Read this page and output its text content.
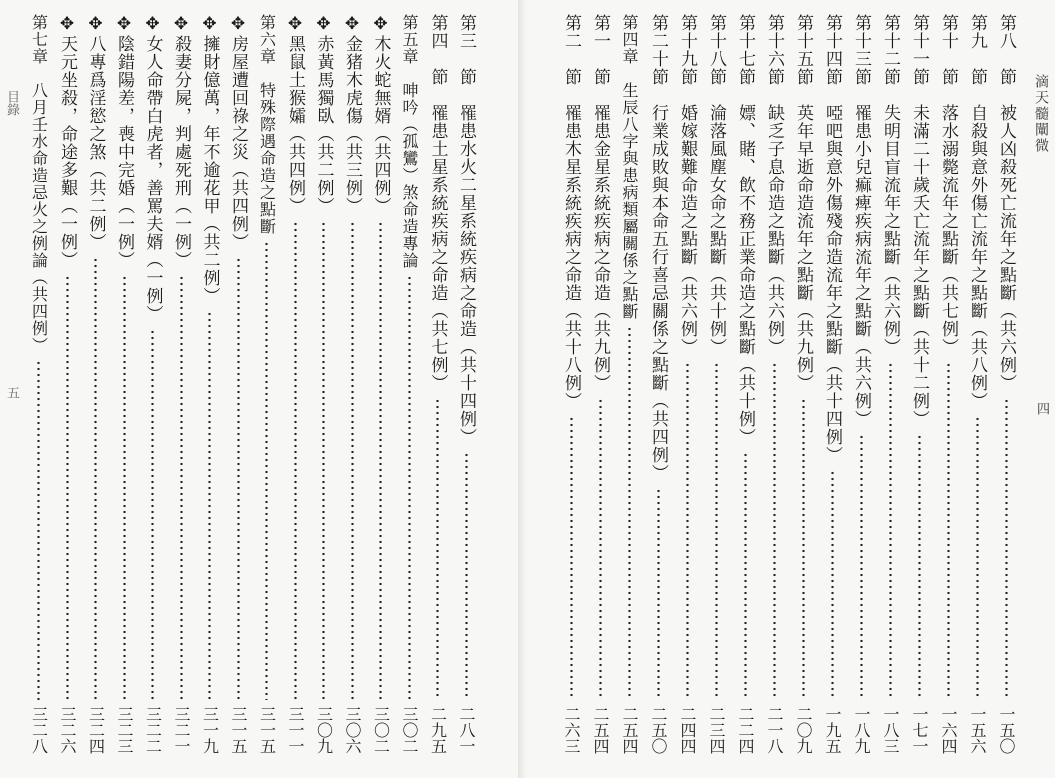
目錄
五	第三　節　罹患水火二星系統疾病之命造（共十四例）
二八一
第四　節　罹患土星系統疾病之命造（共七例）
二九五
第五章　呻吟（孤鸞）煞命造專論
三〇二
✥木火蛇無婿（共四例）
三〇二
✥金猪木虎傷（共三例）
三〇六
✥赤黃馬獨臥（共二例）
三〇九
✥黑鼠土猴孀（共四例）
三一一
第六章　特殊際遇命造之點斷
三一五
✥房屋遭回祿之災（共四例）
三一五
✥擁財億萬，年不逾花甲（共二例）
三一九
✥殺妻分屍，判處死刑（一例）
三二一
✥女人命帶白虎者，善罵夫婿（一例）
三二二
✥陰錯陽差，喪中完婚（一例）
三二三
✥八專爲淫慾之煞（共二例）
三二四
✥天元坐殺，命途多艱（一例）
三二六
第七章　八月壬水命造忌火之例論（共四例）
三二八
第八　節　被人凶殺死亡流年之點斷（共六例）
一五〇
第九　節　自殺與意外傷亡流年之點斷（共八例）
一五六
第十　節　落水溺斃流年之點斷（共七例）
一六四
第十一節　未滿二十歲夭亡流年之點斷（共十二例）
一七一
第十二節　失明目盲流年之點斷（共六例）
一八三
第十三節　罹患小兒痲痺疾病流年之點斷（共六例）
一八九
第十四節　啞吧與意外傷殘命造流年之點斷（共十四例）
一九五
第十五節　英年早逝命造流年之點斷（共九例）
二〇九
第十六節　缺乏子息命造之點斷（共六例）
二一八
第十七節　嫖、賭、飲不務正業命造之點斷（共十例）
二二四
第十八節　淪落風塵女命之點斷（共十例）
二三四
第十九節　婚嫁艱難命造之點斷（共六例）
二四四
第二十節　行業成敗與本命五行喜忌關係之點斷（共四例）
二五〇
第四章　生辰八字與患病類屬關係之點斷
二五四
第一　節　罹患金星系統疾病之命造（共九例）
二五四
第二　節　罹患木星系統疾病之命造（共十八例）
二六三
滴天髓闡微
四
